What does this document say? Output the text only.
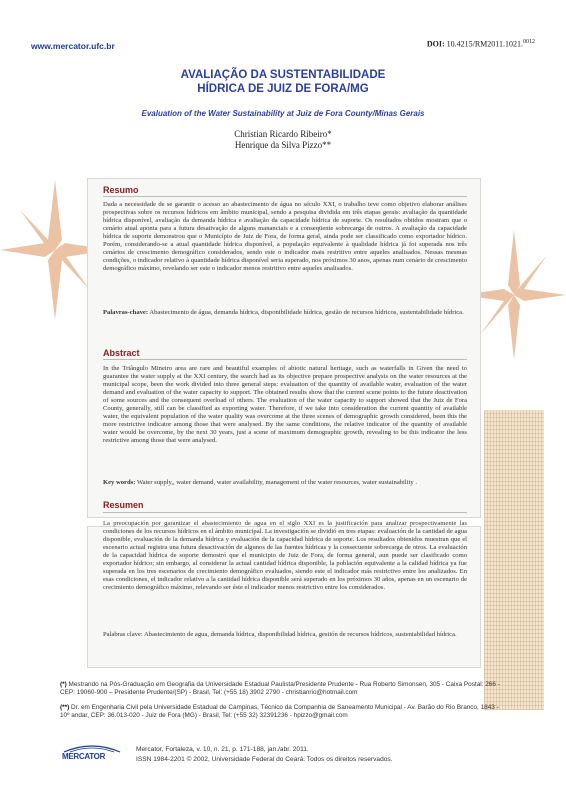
www.mercator.ufc.br	DOI: 10.4215/RM2011.1021.$^{0012}$
AVALIAÇÃO DA SUSTENTABILIDADE
HÍDRICA DE JUIZ DE FORA/MG
Evaluation of the Water Sustainability at Juiz de Fora County/Minas Gerais
Christian Ricardo Ribeiro*
Henrique da Silva Pizzo**
Resumo
Dada a necessidade de se garantir o acesso ao abastecimento de água no século XXI, o trabalho teve como objetivo elaborar análises prospectivas sobre os recursos hídricos em âmbito municipal, sendo a pesquisa dividida em três etapas gerais: avaliação da quantidade hídrica disponível, avaliação da demanda hídrica e avaliação da capacidade hídrica de suporte. Os resultados obtidos mostram que o cenário atual aponta para a futura desativação de alguns mananciais e a conseqüente sobrecarga de outros. A avaliação da capacidade hídrica de suporte demonstrou que o Município de Juiz de Fora, de forma geral, ainda pode ser classificado como exportador hídrico. Porém, considerando-se a atual quantidade hídrica disponível, a população equivalente à qualidade hídrica já foi superada nos três cenários de crescimento demográfico considerados, sendo este o indicador mais restritivo entre aqueles analisados. Nessas mesmas condições, o indicador relativo à quantidade hídrica disponível seria superado, nos próximos 30 anos, apenas num cenário de crescimento demográfico máximo, revelando ser este o indicador menos restritivo entre aqueles analisados.
Palavras-chave: Abastecimento de água, demanda hídrica, disponibilidade hídrica, gestão de recursos hídricos, sustentabilidade hídrica.
Abstract
In the Triângulo Mineiro area are rare and beautiful examples of abiotic natural heritage, such as waterfalls in Given the need to guarantee the water supply at the XXI century, the search had as its objective prepare prospective analysis on the water resources at the municipal scope, been the work divided into three general steps: evaluation of the quantity of available water, evaluation of the water demand and evaluation of the water capacity to support. The obtained results show that the current scene points to the future deactivation of some sources and the consequent overload of others. The evaluation of the water capacity to support showed that the Juiz de Fora County, generally, still can be classified as exporting water. Therefore, if we take into consideration the current quantity of available water, the equivalent population of the water quality was overcome at the three scenes of demographic growth considered, been this the more restrictive indicator among those that were analysed. By the same conditions, the relative indicator of the quantity of available water would be overcome, by the next 30 years, just a scene of maximum demographic growth, revealing to be this indicator the less restrictive among those that were analysed.
Key words: Water supply,, water demand, water availability, management of the water resources, water sustainability .
Resumen
La preocupación por garantizar el abastecimiento de agua en el siglo XXI es la justificación para analizar prospectivamente las condiciones de los recursos hídricos en el ámbito municipal. La investigación se dividió en tres etapas: evaluación de la cantidad de agua disponible, evaluación de la demanda hídrica y evaluación de la capacidad hídrica de soporte. Los resultados obtenidos muestran que el escenario actual registra una futura desactivación de algunos de las fuentes hídricas y la consecuente sobrecarga de otros. La evaluación de la capacidad hídrica de soporte demostró que el municipio de Juiz de Fora, de forma general, aun puede ser clasificado como exportador hídrico; sin embargo, al considerar la actual cantidad hídrica disponible, la población equivalente a la calidad hídrica ya fue superada en los tres escenarios de crecimiento demográfico evaluados, siendo este el indicador más restrictivo entre los analizados. En esas condiciones, el indicador relativo a la cantidad hídrica disponible será superado en los próximos 30 años, apenas en un escenario de crecimiento demográfico máximo, relevando ser éste el indicador menos restrictivo entre los considerados.
Palabras clave: Abastecimiento de agua, demanda hídrica, disponibilidad hídrica, gestión de recursos hídricos, sustentabilidad hídrica.
(*) Mestrando na Pós-Graduação em Geografia da Universidade Estadual Paulista/Presidente Prudente - Rua Roberto Simonsen, 305 - Caixa Postal: 266 - CEP: 19060-900 – Presidente Prudente/(SP) - Brasil, Tel: (+55 18) 3902 2790 - christianrio@hotmail.com
(**) Dr. em Engenharia Civil pela Universidade Estadual de Campinas, Técnico da Companhia de Saneamento Municipal - Av. Barão do Rio Branco, 1843 - 10º andar, CEP: 36.013-020 - Juiz de Fora (MG) - Brasil, Tel: (+55 32) 32391236 - hpizzo@gmail.com
MERCATOR
Mercator, Fortaleza, v. 10, n. 21, p. 171-188, jan./abr. 2011.
ISSN 1984-2201 © 2002, Universidade Federal do Ceará. Todos os direitos reservados.
